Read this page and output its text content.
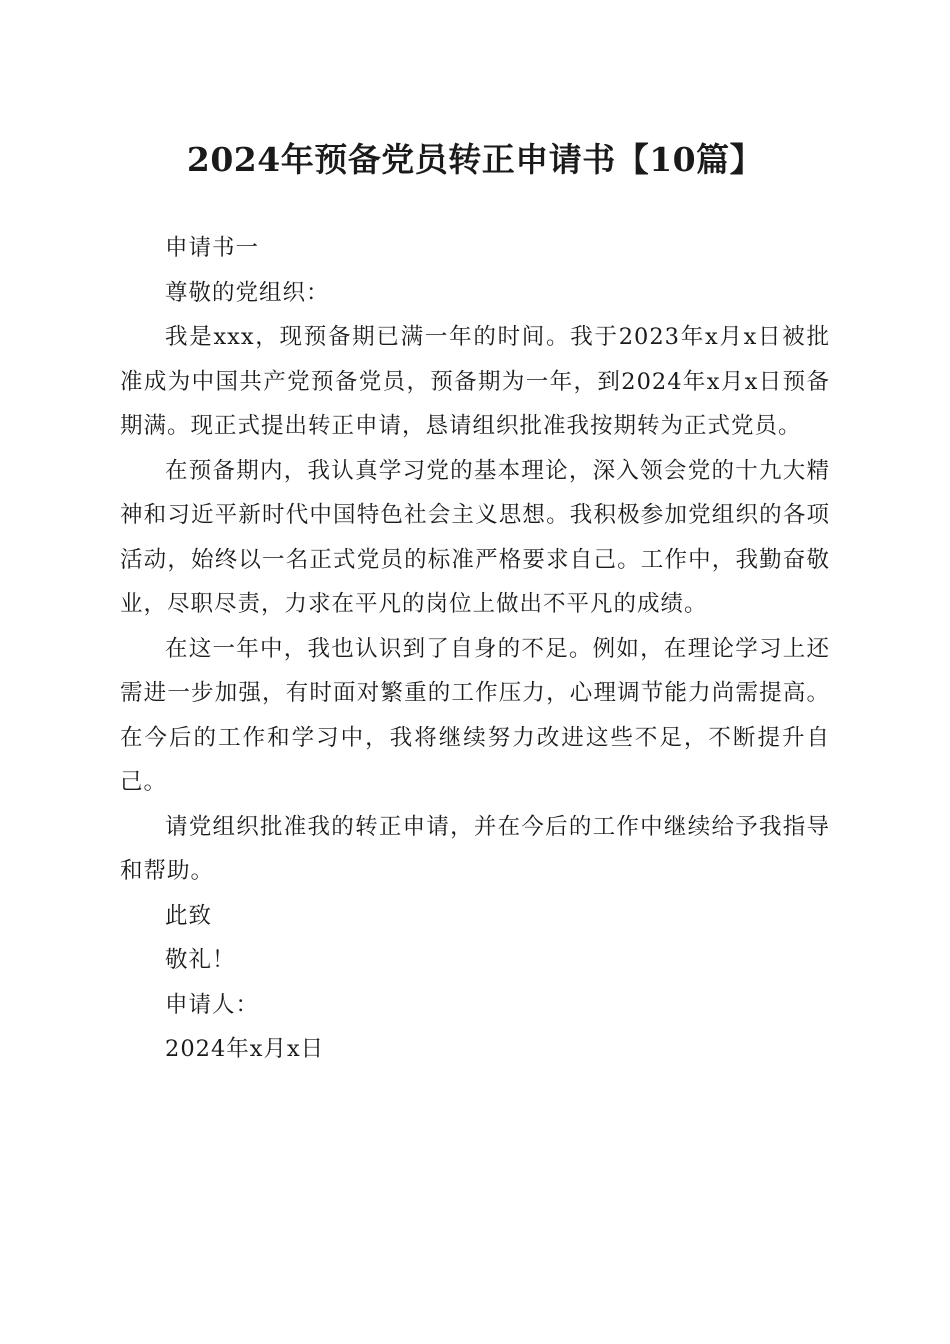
2024年预备党员转正申请书【10篇】

申请书一

尊敬的党组织：

我是xxx，现预备期已满一年的时间。我于2023年x月x日被批准成为中国共产党预备党员，预备期为一年，到2024年x月x日预备期满。现正式提出转正申请，恳请组织批准我按期转为正式党员。

在预备期内，我认真学习党的基本理论，深入领会党的十九大精神和习近平新时代中国特色社会主义思想。我积极参加党组织的各项活动，始终以一名正式党员的标准严格要求自己。工作中，我勤奋敬业，尽职尽责，力求在平凡的岗位上做出不平凡的成绩。

在这一年中，我也认识到了自身的不足。例如，在理论学习上还需进一步加强，有时面对繁重的工作压力，心理调节能力尚需提高。在今后的工作和学习中，我将继续努力改进这些不足，不断提升自己。

请党组织批准我的转正申请，并在今后的工作中继续给予我指导和帮助。

此致

敬礼！

申请人：

2024年x月x日
